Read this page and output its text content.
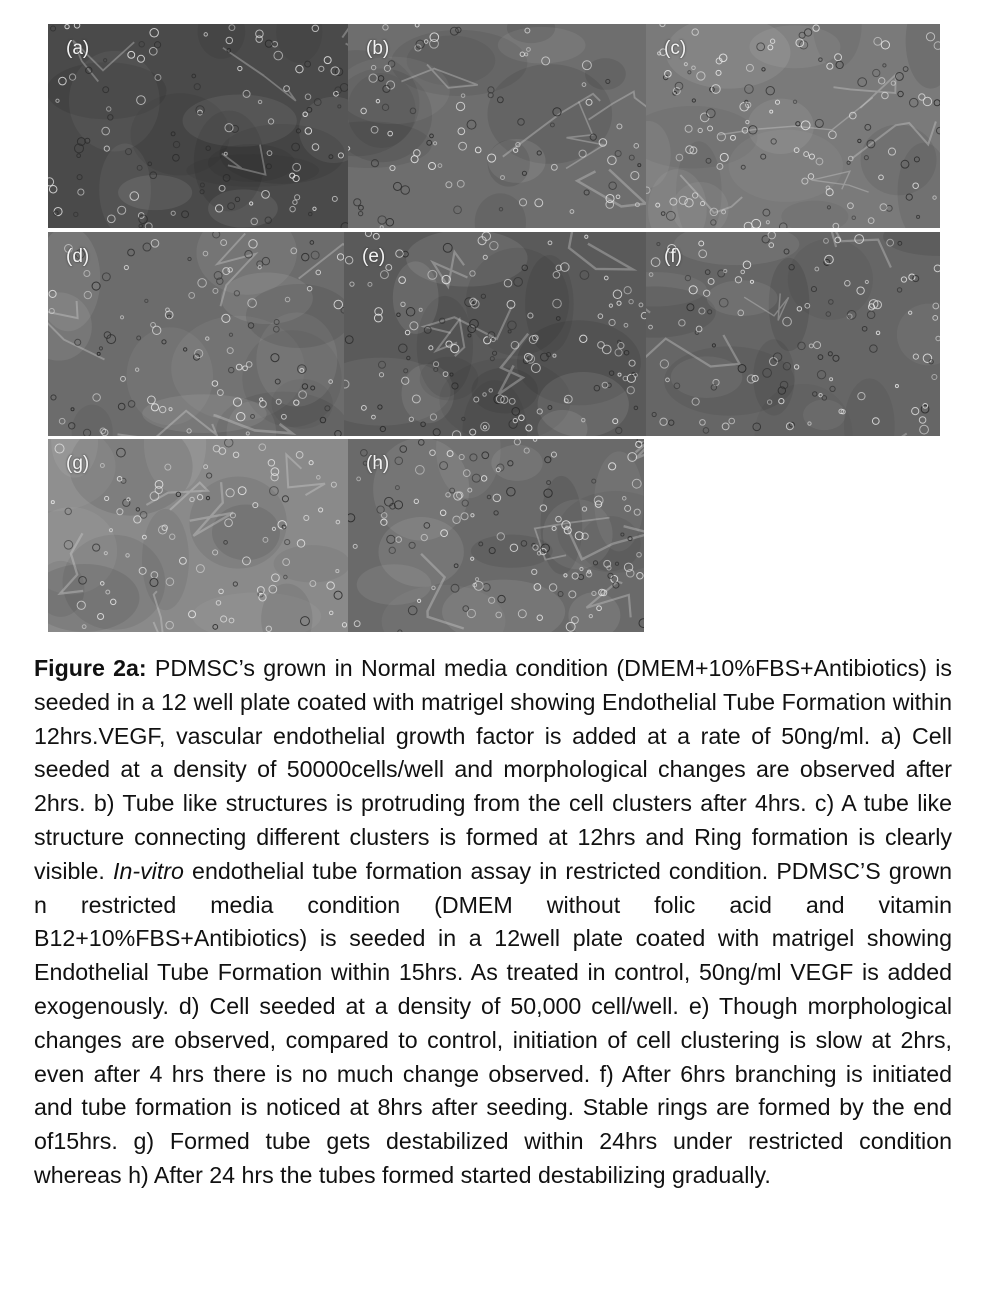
(a)	(b)	(c)
(d)	(e)	(f)
(g)	(h)
Figure 2a: PDMSC’s grown in Normal media condition (DMEM+10%FBS+Antibiotics) is seeded in a 12 well plate coated with matrigel showing Endothelial Tube Formation within 12hrs.VEGF, vascular endothelial growth factor is added at a rate of 50ng/ml. a) Cell seeded at a density of 50000cells/well and morphological changes are observed after 2hrs. b) Tube like structures is protruding from the cell clusters after 4hrs. c) A tube like structure connecting different clusters is formed at 12hrs and Ring formation is clearly visible. In-vitro endothelial tube formation assay in restricted condition. PDMSC’S grown n restricted media condition (DMEM without folic acid and vitamin B12+10%FBS+Antibiotics) is seeded in a 12well plate coated with matrigel showing Endothelial Tube Formation within 15hrs. As treated in control, 50ng/ml VEGF is added exogenously. d) Cell seeded at a density of 50,000 cell/well. e) Though morphological changes are observed, compared to control, initiation of cell clustering is slow at 2hrs, even after 4 hrs there is no much change observed. f) After 6hrs branching is initiated and tube formation is noticed at 8hrs after seeding. Stable rings are formed by the end of15hrs. g) Formed tube gets destabilized within 24hrs under restricted condition whereas h) After 24 hrs the tubes formed started destabilizing gradually.
